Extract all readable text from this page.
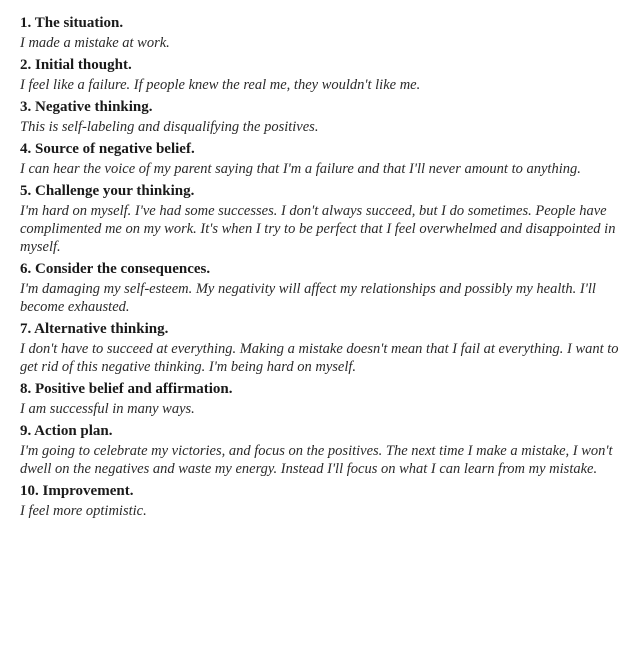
1. The situation.
I made a mistake at work.
2. Initial thought.
I feel like a failure. If people knew the real me, they wouldn't like me.
3. Negative thinking.
This is self-labeling and disqualifying the positives.
4. Source of negative belief.
I can hear the voice of my parent saying that I'm a failure and that I'll never amount to anything.
5. Challenge your thinking.
I'm hard on myself. I've had some successes. I don't always succeed, but I do sometimes. People have complimented me on my work. It's when I try to be perfect that I feel overwhelmed and disappointed in myself.
6. Consider the consequences.
I'm damaging my self-esteem. My negativity will affect my relationships and possibly my health. I'll become exhausted.
7. Alternative thinking.
I don't have to succeed at everything. Making a mistake doesn't mean that I fail at everything. I want to get rid of this negative thinking. I'm being hard on myself.
8. Positive belief and affirmation.
I am successful in many ways.
9. Action plan.
I'm going to celebrate my victories, and focus on the positives. The next time I make a mistake, I won't dwell on the negatives and waste my energy. Instead I'll focus on what I can learn from my mistake.
10. Improvement.
I feel more optimistic.
